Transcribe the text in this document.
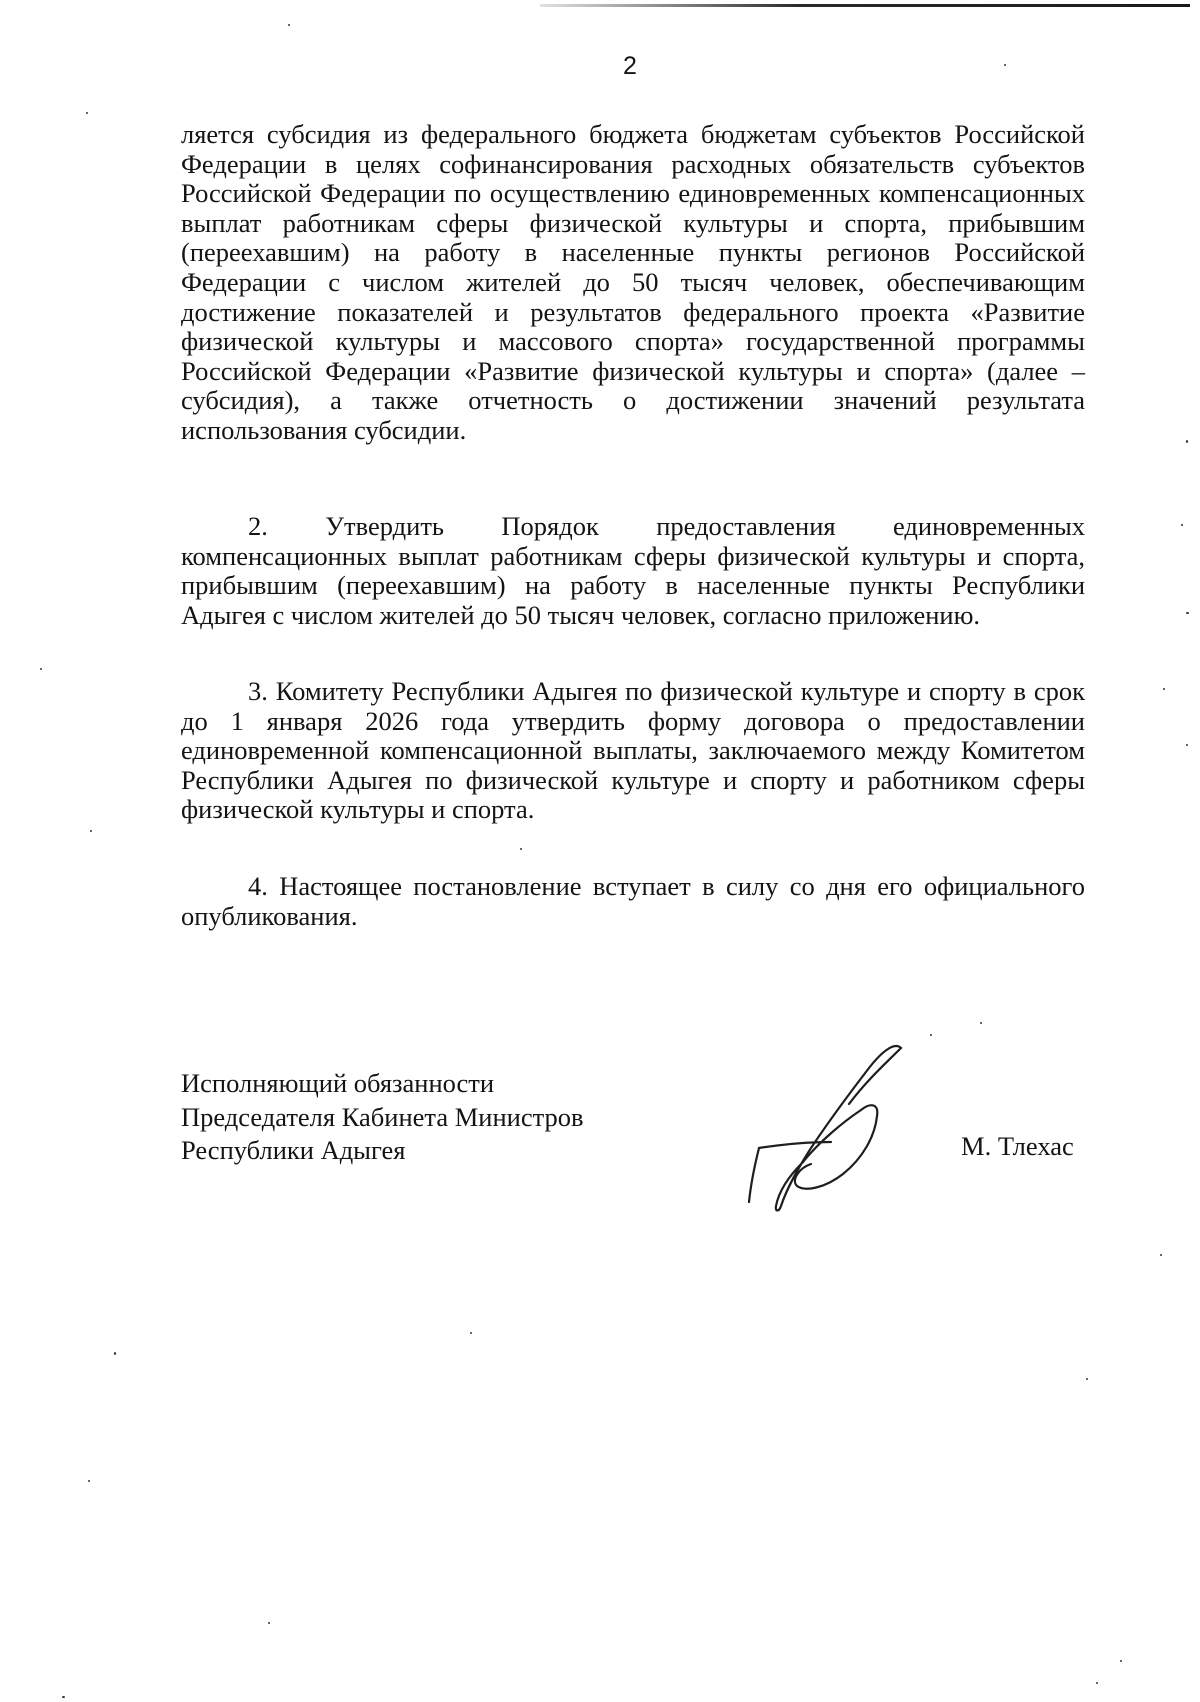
2

ляется субсидия из федерального бюджета бюджетам субъектов Российской Федерации в целях софинансирования расходных обязательств субъектов Российской Федерации по осуществлению единовременных компенсационных выплат работникам сферы физической культуры и спорта, прибывшим (переехавшим) на работу в населенные пункты регионов Российской Федерации с числом жителей до 50 тысяч человек, обеспечивающим достижение показателей и результатов федерального проекта «Развитие физической культуры и массового спорта» государственной программы Российской Федерации «Развитие физической культуры и спорта» (далее – субсидия), а также отчетность о достижении значений результата использования субсидии.

2. Утвердить Порядок предоставления единовременных компенсационных выплат работникам сферы физической культуры и спорта, прибывшим (переехавшим) на работу в населенные пункты Республики Адыгея с числом жителей до 50 тысяч человек, согласно приложению.

3. Комитету Республики Адыгея по физической культуре и спорту в срок до 1 января 2026 года утвердить форму договора о предоставлении единовременной компенсационной выплаты, заключаемого между Комитетом Республики Адыгея по физической культуре и спорту и работником сферы физической культуры и спорта.

4. Настоящее постановление вступает в силу со дня его официального опубликования.

Исполняющий обязанности
Председателя Кабинета Министров
Республики Адыгея	М. Тлехас
